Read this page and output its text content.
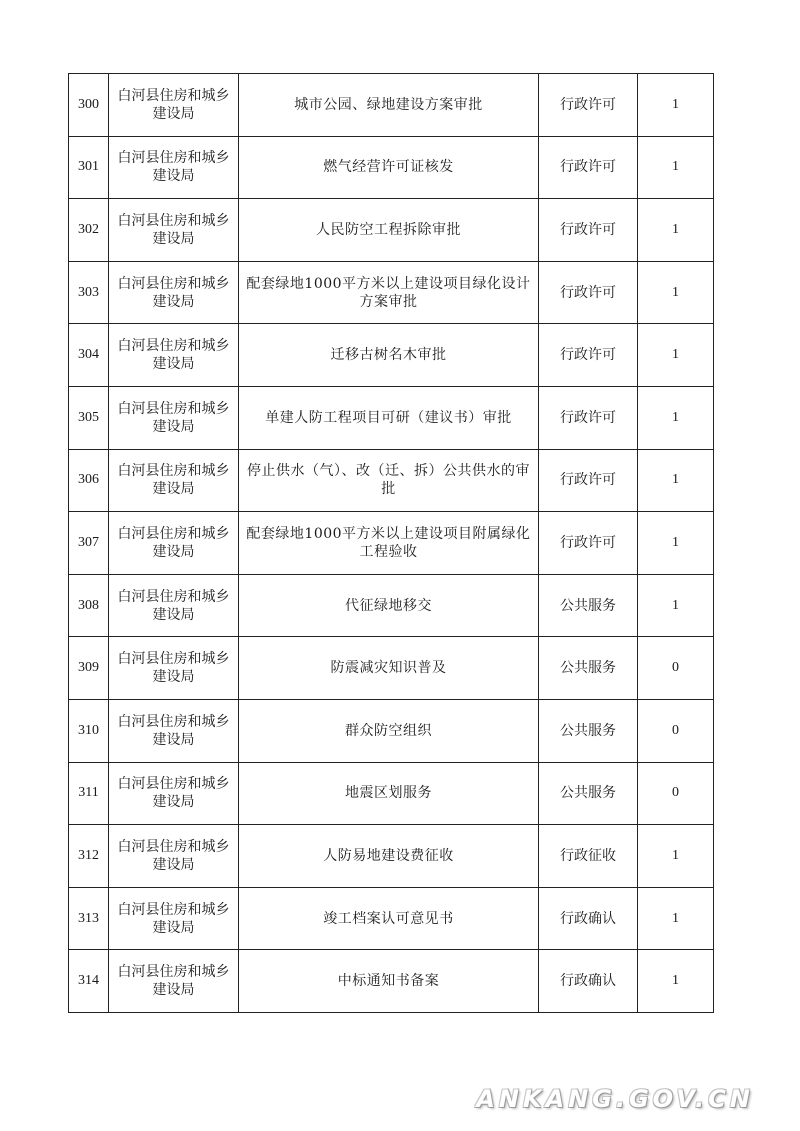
300	白河县住房和城乡建设局	城市公园、绿地建设方案审批	行政许可	1
301	白河县住房和城乡建设局	燃气经营许可证核发	行政许可	1
302	白河县住房和城乡建设局	人民防空工程拆除审批	行政许可	1
303	白河县住房和城乡建设局	配套绿地1000平方米以上建设项目绿化设计方案审批	行政许可	1
304	白河县住房和城乡建设局	迁移古树名木审批	行政许可	1
305	白河县住房和城乡建设局	单建人防工程项目可研（建议书）审批	行政许可	1
306	白河县住房和城乡建设局	停止供水（气）、改（迁、拆）公共供水的审批	行政许可	1
307	白河县住房和城乡建设局	配套绿地1000平方米以上建设项目附属绿化工程验收	行政许可	1
308	白河县住房和城乡建设局	代征绿地移交	公共服务	1
309	白河县住房和城乡建设局	防震减灾知识普及	公共服务	0
310	白河县住房和城乡建设局	群众防空组织	公共服务	0
311	白河县住房和城乡建设局	地震区划服务	公共服务	0
312	白河县住房和城乡建设局	人防易地建设费征收	行政征收	1
313	白河县住房和城乡建设局	竣工档案认可意见书	行政确认	1
314	白河县住房和城乡建设局	中标通知书备案	行政确认	1
ANKANG.GOV.CN
